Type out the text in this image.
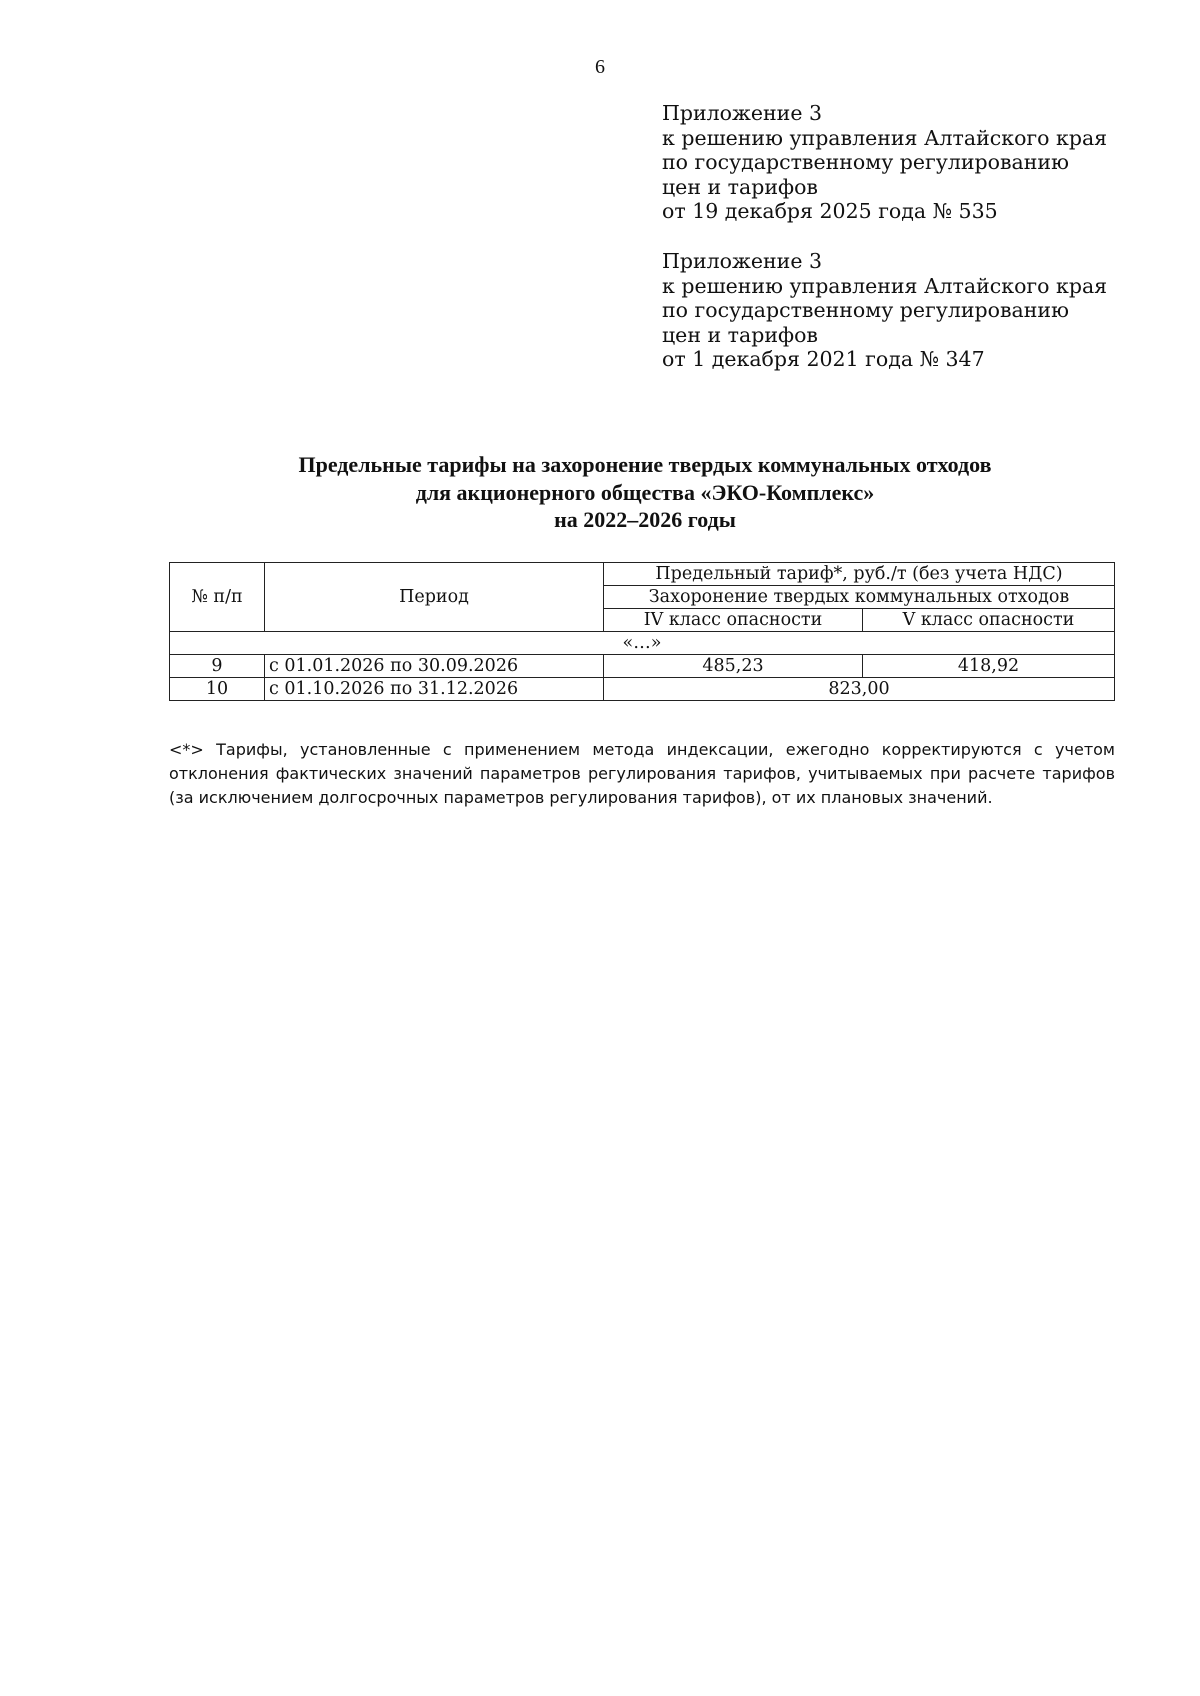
6
Приложение 3
к решению управления Алтайского края
по государственному регулированию
цен и тарифов
от 19 декабря 2025 года № 535
Приложение 3
к решению управления Алтайского края
по государственному регулированию
цен и тарифов
от 1 декабря 2021 года № 347
Предельные тарифы на захоронение твердых коммунальных отходов
для акционерного общества «ЭКО-Комплекс»
на 2022–2026 годы
№ п/п	Период	Предельный тариф*, руб./т (без учета НДС)	
		Захоронение твердых коммунальных отходов	
		IV класс опасности	V класс опасности
«…»			
9	с 01.01.2026 по 30.09.2026	485,23	418,92
10	с 01.10.2026 по 31.12.2026	823,00	
<*> Тарифы, установленные с применением метода индексации, ежегодно корректируются с учетом отклонения фактических значений параметров регулирования тарифов, учитываемых при расчете тарифов (за исключением долгосрочных параметров регулирования тарифов), от их плановых значений.
